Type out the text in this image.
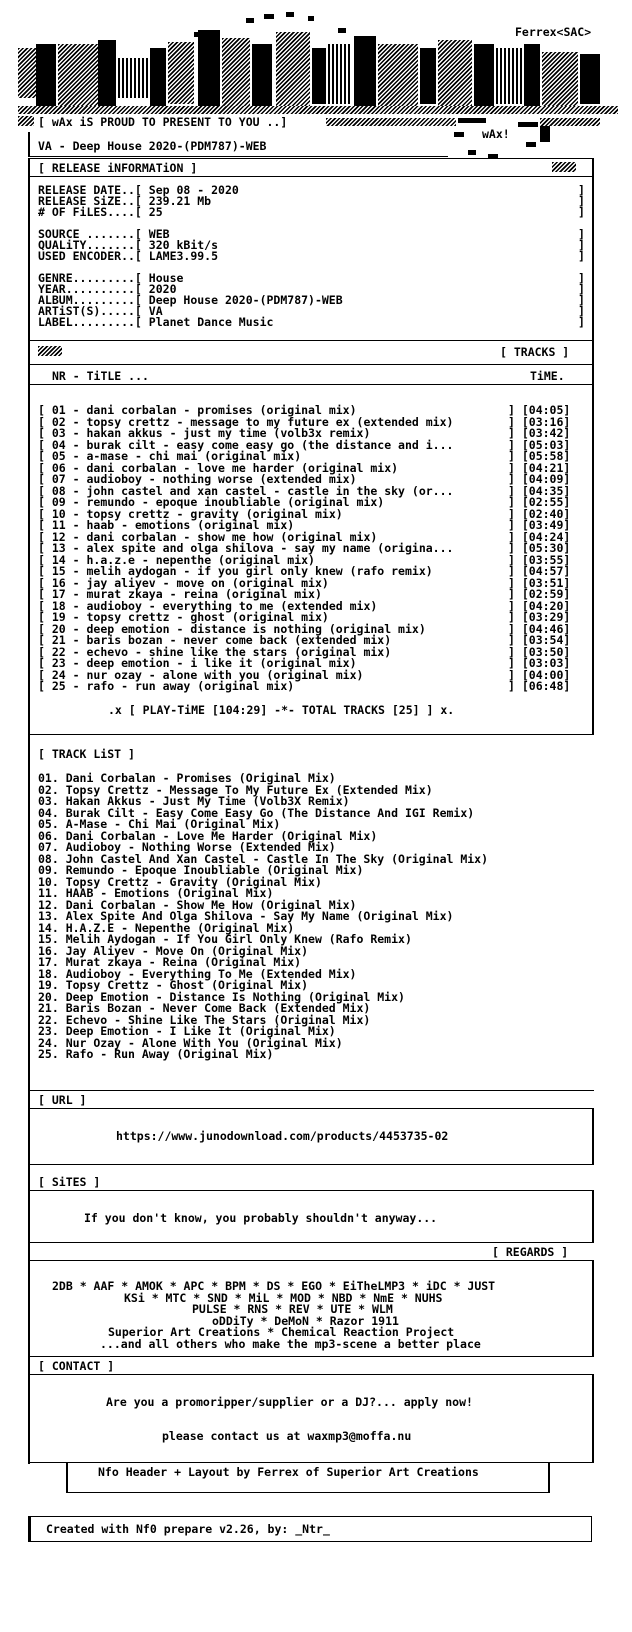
Ferrex<SAC>
[ wAx iS PROUD TO PRESENT TO YOU ..]
wAx!
VA - Deep House 2020-(PDM787)-WEB
[ RELEASE iNFORMATiON ]
RELEASE DATE..[ Sep 08 - 2020
RELEASE SiZE..[ 239.21 Mb
# OF FiLES....[ 25
SOURCE .......[ WEB
QUALiTY.......[ 320 kBit/s
USED ENCODER..[ LAME3.99.5
GENRE.........[ House
YEAR..........[ 2020
ALBUM.........[ Deep House 2020-(PDM787)-WEB
ARTiST(S).....[ VA
LABEL.........[ Planet Dance Music
]
]
]
]
]
]
]
]
]
]
]
[ TRACKS ]
NR - TiTLE ...	TiME.
[ 01 - dani corbalan - promises (original mix)
[ 02 - topsy crettz - message to my future ex (extended mix)
[ 03 - hakan akkus - just my time (volb3x remix)
[ 04 - burak cilt - easy come easy go (the distance and i...
[ 05 - a-mase - chi mai (original mix)
[ 06 - dani corbalan - love me harder (original mix)
[ 07 - audioboy - nothing worse (extended mix)
[ 08 - john castel and xan castel - castle in the sky (or...
[ 09 - remundo - epoque inoubliable (original mix)
[ 10 - topsy crettz - gravity (original mix)
[ 11 - haab - emotions (original mix)
[ 12 - dani corbalan - show me how (original mix)
[ 13 - alex spite and olga shilova - say my name (origina...
[ 14 - h.a.z.e - nepenthe (original mix)
[ 15 - melih aydogan - if you girl only knew (rafo remix)
[ 16 - jay aliyev - move on (original mix)
[ 17 - murat zkaya - reina (original mix)
[ 18 - audioboy - everything to me (extended mix)
[ 19 - topsy crettz - ghost (original mix)
[ 20 - deep emotion - distance is nothing (original mix)
[ 21 - baris bozan - never come back (extended mix)
[ 22 - echevo - shine like the stars (original mix)
[ 23 - deep emotion - i like it (original mix)
[ 24 - nur ozay - alone with you (original mix)
[ 25 - rafo - run away (original mix)
] [04:05]
] [03:16]
] [03:42]
] [05:03]
] [05:58]
] [04:21]
] [04:09]
] [04:35]
] [02:55]
] [02:40]
] [03:49]
] [04:24]
] [05:30]
] [03:55]
] [04:57]
] [03:51]
] [02:59]
] [04:20]
] [03:29]
] [04:46]
] [03:54]
] [03:50]
] [03:03]
] [04:00]
] [06:48]
.x [ PLAY-TiME [104:29] -*- TOTAL TRACKS [25] ] x.
[ TRACK LiST ]
01. Dani Corbalan - Promises (Original Mix)
02. Topsy Crettz - Message To My Future Ex (Extended Mix)
03. Hakan Akkus - Just My Time (Volb3X Remix)
04. Burak Cilt - Easy Come Easy Go (The Distance And IGI Remix)
05. A-Mase - Chi Mai (Original Mix)
06. Dani Corbalan - Love Me Harder (Original Mix)
07. Audioboy - Nothing Worse (Extended Mix)
08. John Castel And Xan Castel - Castle In The Sky (Original Mix)
09. Remundo - Epoque Inoubliable (Original Mix)
10. Topsy Crettz - Gravity (Original Mix)
11. HAAB - Emotions (Original Mix)
12. Dani Corbalan - Show Me How (Original Mix)
13. Alex Spite And Olga Shilova - Say My Name (Original Mix)
14. H.A.Z.E - Nepenthe (Original Mix)
15. Melih Aydogan - If You Girl Only Knew (Rafo Remix)
16. Jay Aliyev - Move On (Original Mix)
17. Murat zkaya - Reina (Original Mix)
18. Audioboy - Everything To Me (Extended Mix)
19. Topsy Crettz - Ghost (Original Mix)
20. Deep Emotion - Distance Is Nothing (Original Mix)
21. Baris Bozan - Never Come Back (Extended Mix)
22. Echevo - Shine Like The Stars (Original Mix)
23. Deep Emotion - I Like It (Original Mix)
24. Nur Ozay - Alone With You (Original Mix)
25. Rafo - Run Away (Original Mix)
[ URL ]
https://www.junodownload.com/products/4453735-02
[ SiTES ]
If you don't know, you probably shouldn't anyway...
[ REGARDS ]
2DB * AAF * AMOK * APC * BPM * DS * EGO * EiTheLMP3 * iDC * JUST
KSi * MTC * SND * MiL * MOD * NBD * NmE * NUHS
PULSE * RNS * REV * UTE * WLM
oDDiTy * DeMoN * Razor 1911
Superior Art Creations * Chemical Reaction Project
...and all others who make the mp3-scene a better place
[ CONTACT ]
Are you a promoripper/supplier or a DJ?... apply now!
please contact us at waxmp3@moffa.nu
Nfo Header + Layout by Ferrex of Superior Art Creations
Created with Nf0 prepare v2.26, by: _Ntr_
